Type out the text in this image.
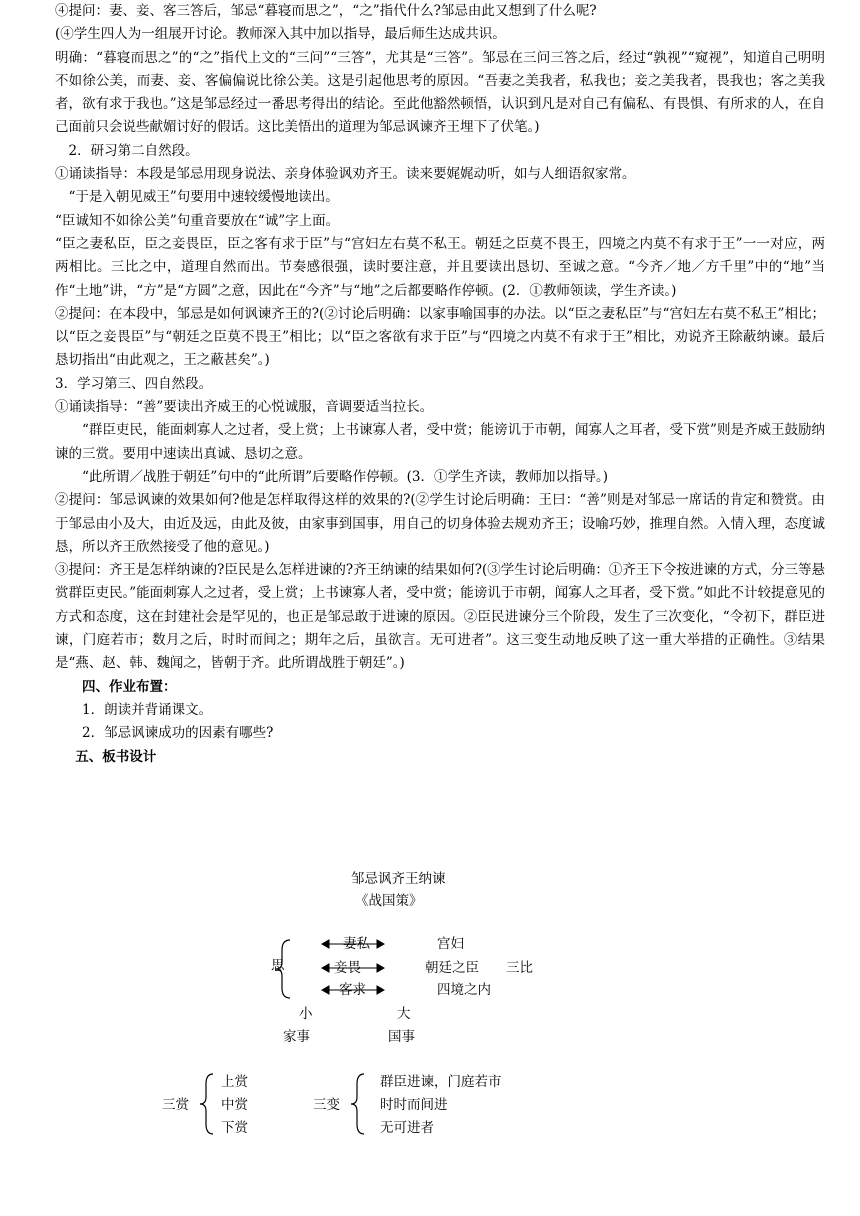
④提问：妻、妾、客三答后，邹忌“暮寝而思之”，“之”指代什么?邹忌由此又想到了什么呢?

(④学生四人为一组展开讨论。教师深入其中加以指导，最后师生达成共识。

明确：“暮寝而思之”的“之”指代上文的“三问”“三答”，尤其是“三答”。邹忌在三问三答之后，经过“孰视”“窥视”，知道自己明明不如徐公美，而妻、妾、客偏偏说比徐公美。这是引起他思考的原因。“吾妻之美我者，私我也；妾之美我者，畏我也；客之美我者，欲有求于我也。”这是邹忌经过一番思考得出的结论。至此他豁然顿悟，认识到凡是对自己有偏私、有畏惧、有所求的人，在自己面前只会说些献媚讨好的假话。这比美悟出的道理为邹忌讽谏齐王埋下了伏笔。)

2．研习第二自然段。

①诵读指导：本段是邹忌用现身说法、亲身体验讽劝齐王。读来要娓娓动听，如与人细语叙家常。

“于是入朝见威王”句要用中速较缓慢地读出。

“臣诚知不如徐公美”句重音要放在“诚”字上面。

“臣之妻私臣，臣之妾畏臣，臣之客有求于臣”与“宫妇左右莫不私王。朝廷之臣莫不畏王，四境之内莫不有求于王”一一对应，两两相比。三比之中，道理自然而出。节奏感很强，读时要注意，并且要读出恳切、至诚之意。“今齐／地／方千里”中的“地”当作“土地”讲，“方”是“方圆”之意，因此在“今齐”与“地”之后都要略作停顿。(2．①教师领读，学生齐读。)

②提问：在本段中，邹忌是如何讽谏齐王的?(②讨论后明确：以家事喻国事的办法。以“臣之妻私臣”与“宫妇左右莫不私王”相比；以“臣之妾畏臣”与“朝廷之臣莫不畏王”相比；以“臣之客欲有求于臣”与“四境之内莫不有求于王”相比，劝说齐王除蔽纳谏。最后恳切指出“由此观之，王之蔽甚矣”。)

3．学习第三、四自然段。

①诵读指导：“善”要读出齐威王的心悦诚服，音调要适当拉长。

“群臣吏民，能面刺寡人之过者，受上赏；上书谏寡人者，受中赏；能谤讥于市朝，闻寡人之耳者，受下赏”则是齐威王鼓励纳谏的三赏。要用中速读出真诚、恳切之意。

“此所谓／战胜于朝廷”句中的“此所谓”后要略作停顿。(3．①学生齐读，教师加以指导。)

②提问：邹忌讽谏的效果如何?他是怎样取得这样的效果的?(②学生讨论后明确：王曰：“善”则是对邹忌一席话的肯定和赞赏。由于邹忌由小及大，由近及远，由此及彼，由家事到国事，用自己的切身体验去规劝齐王；设喻巧妙，推理自然。入情入理，态度诚恳，所以齐王欣然接受了他的意见。)

③提问：齐王是怎样纳谏的?臣民是么怎样进谏的?齐王纳谏的结果如何?(③学生讨论后明确：①齐王下令按进谏的方式，分三等悬赏群臣吏民。”能面刺寡人之过者，受上赏；上书谏寡人者，受中赏；能谤讥于市朝，闻寡人之耳者，受下赏。”如此不计较提意见的方式和态度，这在封建社会是罕见的，也正是邹忌敢于进谏的原因。②臣民进谏分三个阶段，发生了三次变化，“令初下，群臣进谏，门庭若市；数月之后，时时而间之；期年之后，虽欲言。无可进者”。这三变生动地反映了这一重大举措的正确性。③结果是“燕、赵、韩、魏闻之，皆朝于齐。此所谓战胜于朝廷”。)

四、作业布置：

1．朗读并背诵课文。

2．邹忌讽谏成功的因素有哪些?

五、板书设计

邹忌讽齐王纳谏
《战国策》
思
妻私
妾畏
客求
宫妇
朝廷之臣
四境之内
三比
小	大
家事	国事
三赏
上赏
中赏
下赏
三变
群臣进谏，门庭若市
时时而间进
无可进者
